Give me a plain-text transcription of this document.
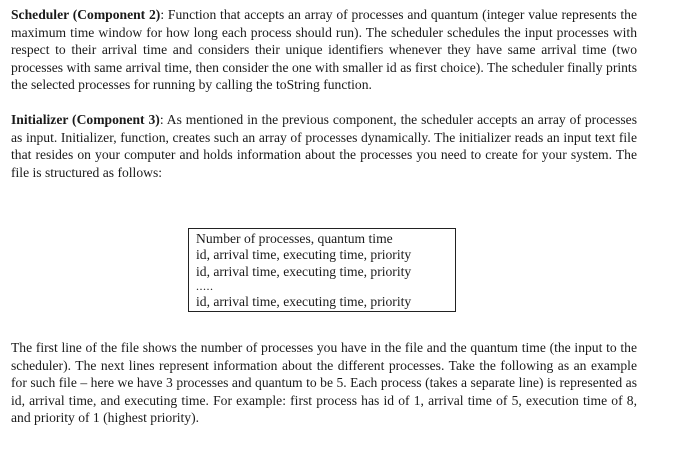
Scheduler (Component 2): Function that accepts an array of processes and quantum (integer value represents the maximum time window for how long each process should run). The scheduler schedules the input processes with respect to their arrival time and considers their unique identifiers whenever they have same arrival time (two processes with same arrival time, then consider the one with smaller id as first choice). The scheduler finally prints the selected processes for running by calling the toString function.

Initializer (Component 3): As mentioned in the previous component, the scheduler accepts an array of processes as input. Initializer, function, creates such an array of processes dynamically. The initializer reads an input text file that resides on your computer and holds information about the processes you need to create for your system. The file is structured as follows:

Number of processes, quantum time
id, arrival time, executing time, priority
id, arrival time, executing time, priority
.....
id, arrival time, executing time, priority

The first line of the file shows the number of processes you have in the file and the quantum time (the input to the scheduler). The next lines represent information about the different processes. Take the following as an example for such file – here we have 3 processes and quantum to be 5. Each process (takes a separate line) is represented as id, arrival time, and executing time. For example: first process has id of 1, arrival time of 5, execution time of 8, and priority of 1 (highest priority).
